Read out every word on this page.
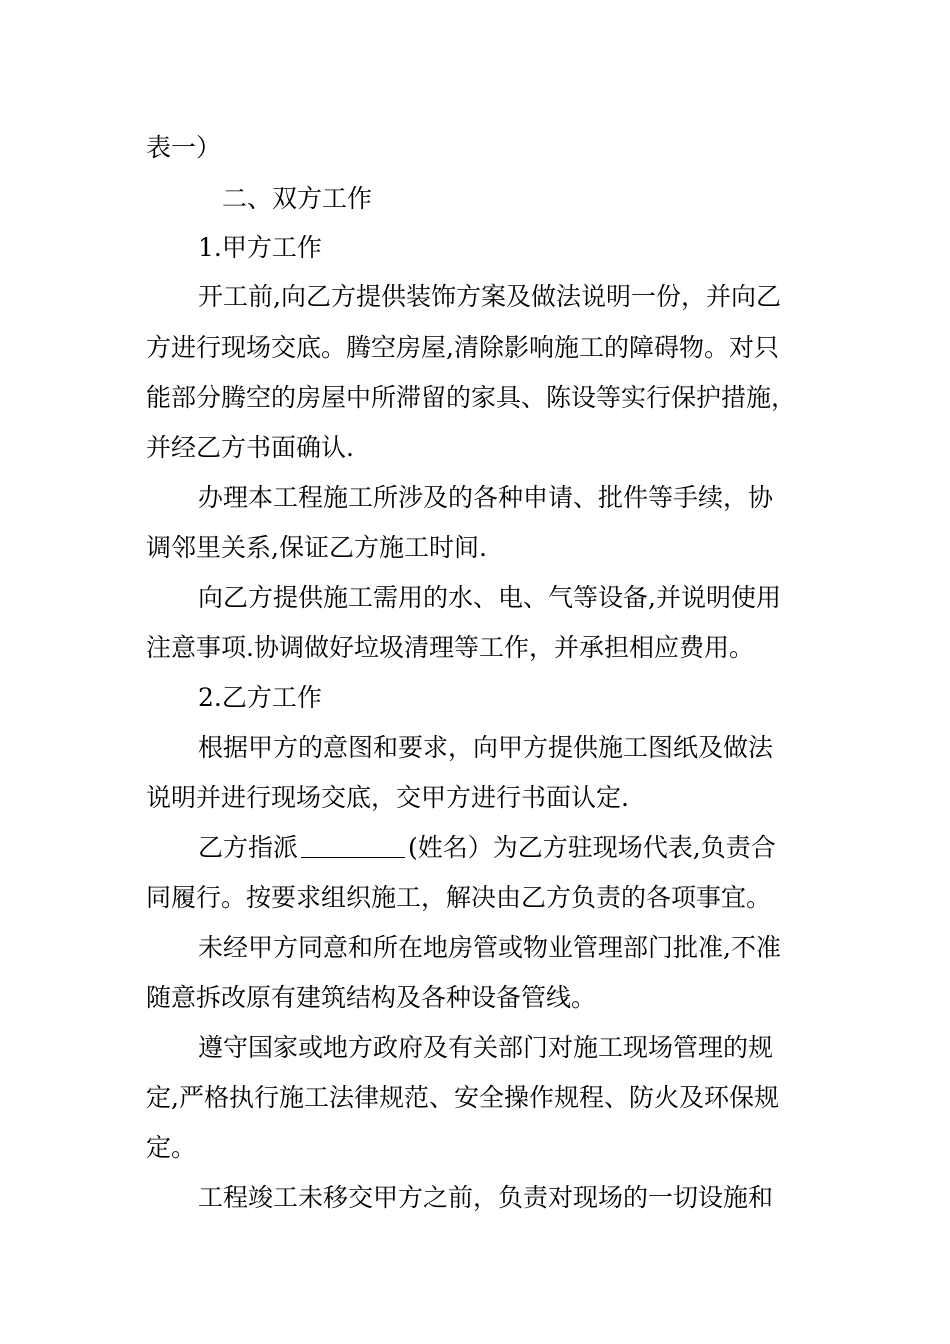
表一）
二、双方工作
1.甲方工作
开工前,向乙方提供装饰方案及做法说明一份，并向乙
方进行现场交底。腾空房屋,清除影响施工的障碍物。对只
能部分腾空的房屋中所滞留的家具、陈设等实行保护措施，
并经乙方书面确认.
办理本工程施工所涉及的各种申请、批件等手续，协
调邻里关系,保证乙方施工时间.
向乙方提供施工需用的水、电、气等设备,并说明使用
注意事项.协调做好垃圾清理等工作，并承担相应费用。
2.乙方工作
根据甲方的意图和要求，向甲方提供施工图纸及做法
说明并进行现场交底，交甲方进行书面认定.
乙方指派	(姓名）为乙方驻现场代表,负责合
同履行。按要求组织施工，解决由乙方负责的各项事宜。
未经甲方同意和所在地房管或物业管理部门批准,不准
随意拆改原有建筑结构及各种设备管线。
遵守国家或地方政府及有关部门对施工现场管理的规
定,严格执行施工法律规范、安全操作规程、防火及环保规
定。
工程竣工未移交甲方之前，负责对现场的一切设施和
